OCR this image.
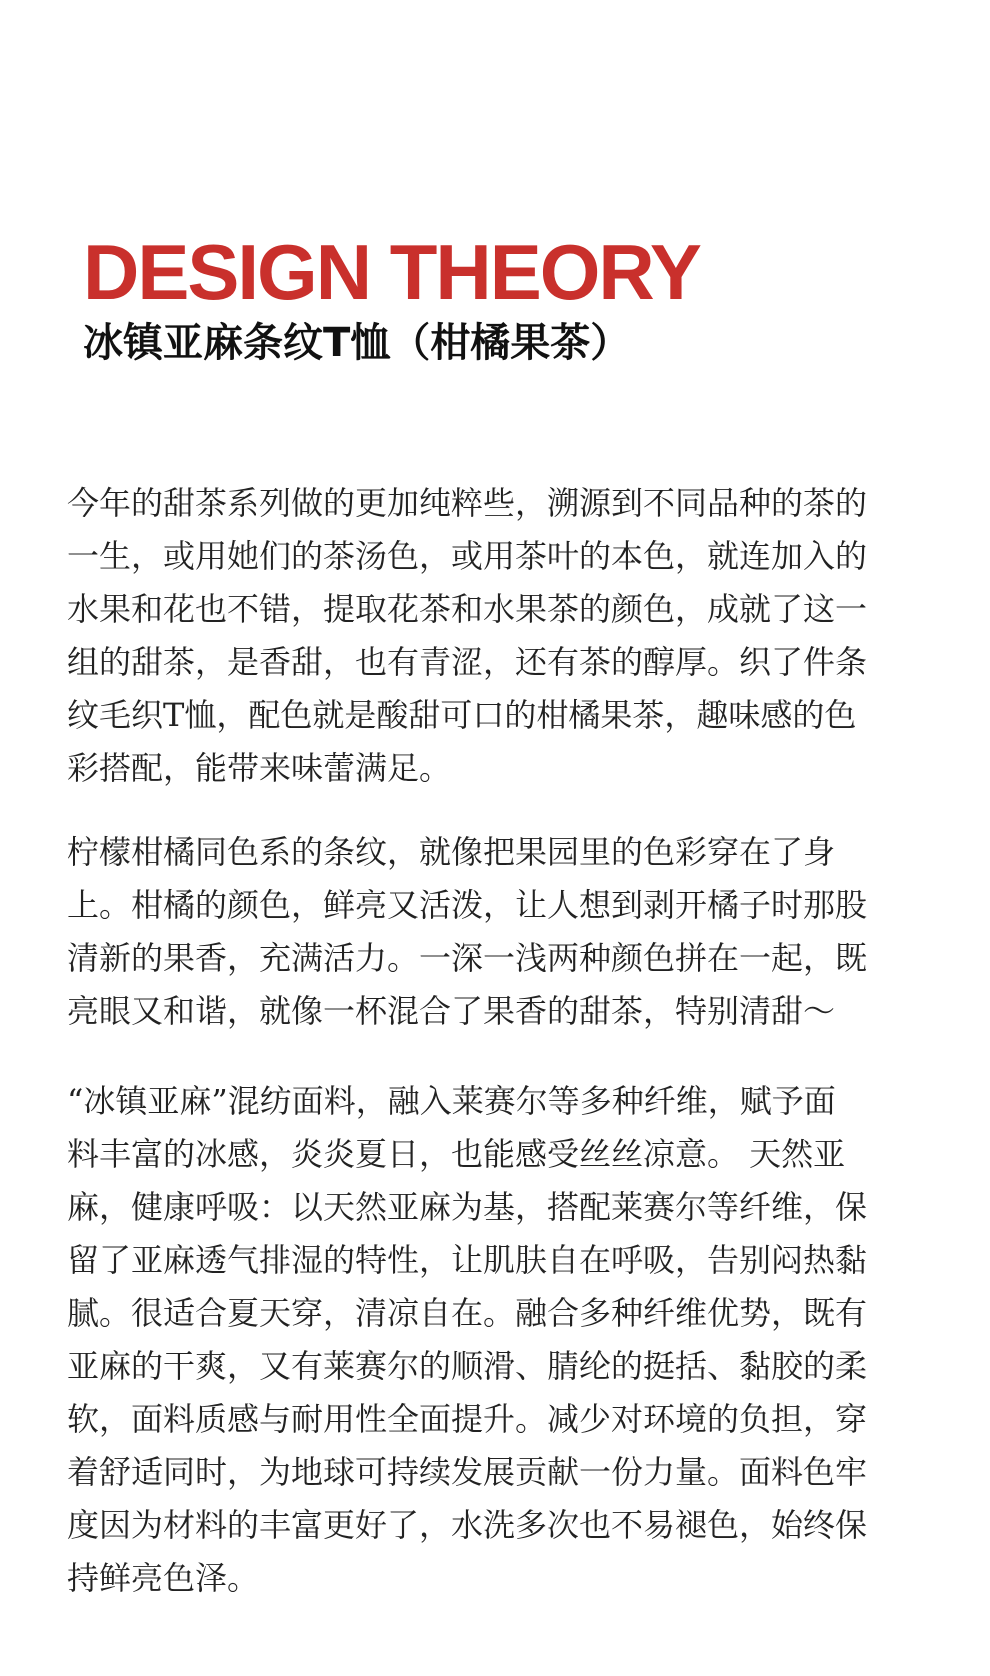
DESIGN THEORY
冰镇亚麻条纹T恤（柑橘果茶）
今年的甜茶系列做的更加纯粹些，溯源到不同品种的茶的
一生，或用她们的茶汤色，或用茶叶的本色，就连加入的
水果和花也不错，提取花茶和水果茶的颜色，成就了这一
组的甜茶，是香甜，也有青涩，还有茶的醇厚。织了件条
纹毛织T恤，配色就是酸甜可口的柑橘果茶，趣味感的色
彩搭配，能带来味蕾满足。
柠檬柑橘同色系的条纹，就像把果园里的色彩穿在了身
上。柑橘的颜色，鲜亮又活泼，让人想到剥开橘子时那股
清新的果香，充满活力。一深一浅两种颜色拼在一起，既
亮眼又和谐，就像一杯混合了果香的甜茶，特别清甜～
“冰镇亚麻”混纺面料，融入莱赛尔等多种纤维，赋予面
料丰富的冰感，炎炎夏日，也能感受丝丝凉意。 天然亚
麻，健康呼吸：以天然亚麻为基，搭配莱赛尔等纤维，保
留了亚麻透气排湿的特性，让肌肤自在呼吸，告别闷热黏
腻。很适合夏天穿，清凉自在。融合多种纤维优势，既有
亚麻的干爽，又有莱赛尔的顺滑、腈纶的挺括、黏胶的柔
软，面料质感与耐用性全面提升。减少对环境的负担，穿
着舒适同时，为地球可持续发展贡献一份力量。面料色牢
度因为材料的丰富更好了，水洗多次也不易褪色，始终保
持鲜亮色泽。
